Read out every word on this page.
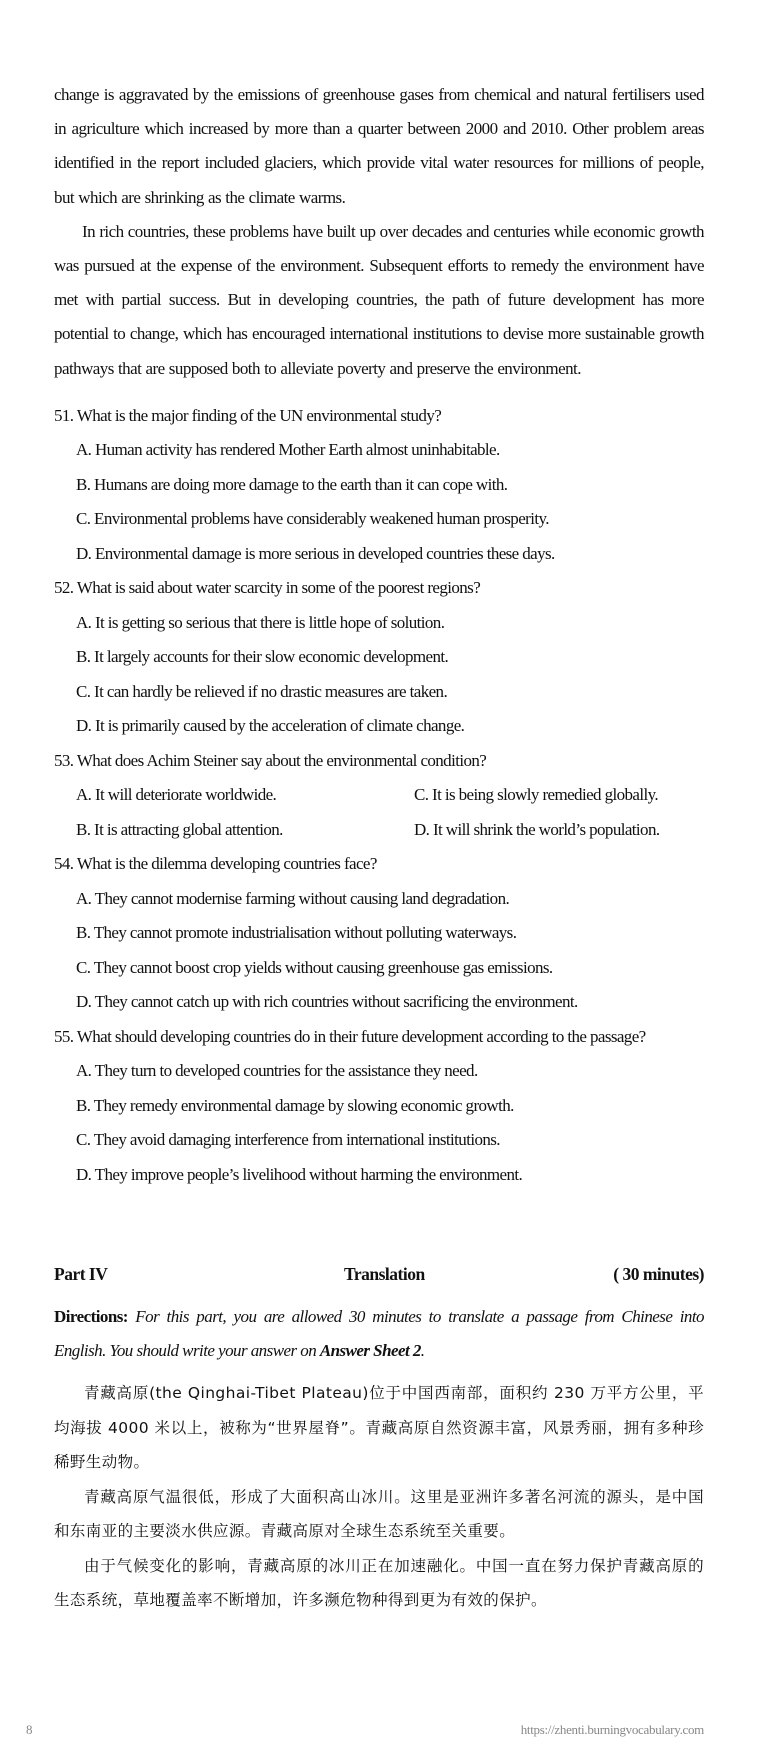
change is aggravated by the emissions of greenhouse gases from chemical and natural fertilisers used in agriculture which increased by more than a quarter between 2000 and 2010. Other problem areas identified in the report included glaciers, which provide vital water resources for millions of people, but which are shrinking as the climate warms.

In rich countries, these problems have built up over decades and centuries while economic growth was pursued at the expense of the environment. Subsequent efforts to remedy the environment have met with partial success. But in developing countries, the path of future development has more potential to change, which has encouraged international institutions to devise more sustainable growth pathways that are supposed both to alleviate poverty and preserve the environment.

51. What is the major finding of the UN environmental study?

A. Human activity has rendered Mother Earth almost uninhabitable.

B. Humans are doing more damage to the earth than it can cope with.

C. Environmental problems have considerably weakened human prosperity.

D. Environmental damage is more serious in developed countries these days.

52. What is said about water scarcity in some of the poorest regions?

A. It is getting so serious that there is little hope of solution.

B. It largely accounts for their slow economic development.

C. It can hardly be relieved if no drastic measures are taken.

D. It is primarily caused by the acceleration of climate change.

53. What does Achim Steiner say about the environmental condition?

A. It will deteriorate worldwide.	C. It is being slowly remedied globally.
B. It is attracting global attention.	D. It will shrink the world’s population.

54. What is the dilemma developing countries face?

A. They cannot modernise farming without causing land degradation.

B. They cannot promote industrialisation without polluting waterways.

C. They cannot boost crop yields without causing greenhouse gas emissions.

D. They cannot catch up with rich countries without sacrificing the environment.

55. What should developing countries do in their future development according to the passage?

A. They turn to developed countries for the assistance they need.

B. They remedy environmental damage by slowing economic growth.

C. They avoid damaging interference from international institutions.

D. They improve people’s livelihood without harming the environment.

Part IV	Translation	( 30 minutes)

Directions: For this part, you are allowed 30 minutes to translate a passage from Chinese into English. You should write your answer on Answer Sheet 2.

青藏高原(the Qinghai-Tibet Plateau)位于中国西南部，面积约 230 万平方公里，平均海拔 4000 米以上，被称为“世界屋脊”。青藏高原自然资源丰富，风景秀丽，拥有多种珍稀野生动物。

青藏高原气温很低，形成了大面积高山冰川。这里是亚洲许多著名河流的源头，是中国和东南亚的主要淡水供应源。青藏高原对全球生态系统至关重要。

由于气候变化的影响，青藏高原的冰川正在加速融化。中国一直在努力保护青藏高原的生态系统，草地覆盖率不断增加，许多濒危物种得到更为有效的保护。

8	https://zhenti.burningvocabulary.com
